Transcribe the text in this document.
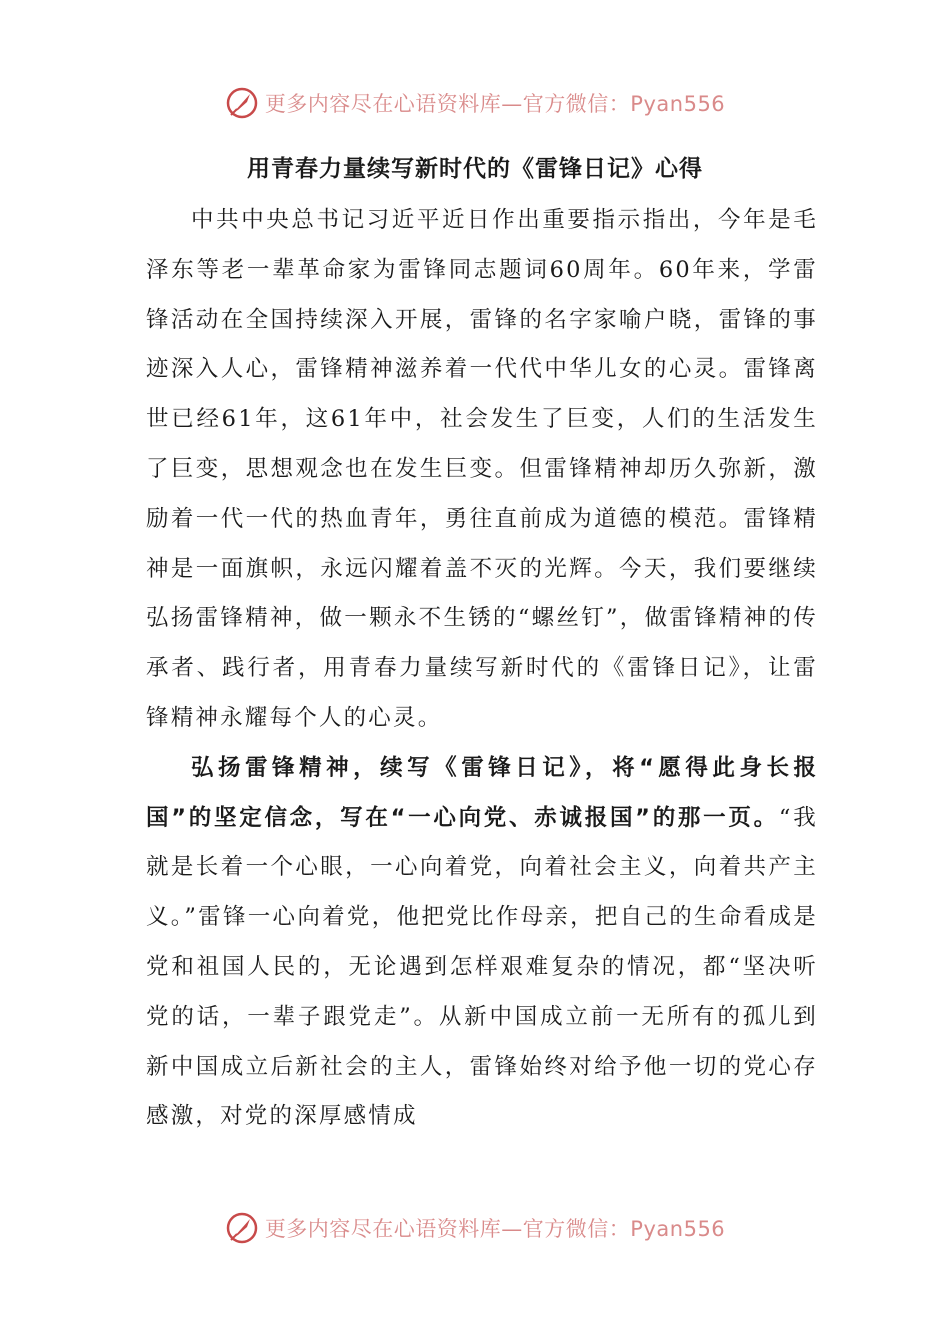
更多内容尽在心语资料库—官方微信：Pyan556
用青春力量续写新时代的《雷锋日记》心得

中共中央总书记习近平近日作出重要指示指出，今年是毛泽东等老一辈革命家为雷锋同志题词60周年。60年来，学雷锋活动在全国持续深入开展，雷锋的名字家喻户晓，雷锋的事迹深入人心，雷锋精神滋养着一代代中华儿女的心灵。雷锋离世已经61年，这61年中，社会发生了巨变，人们的生活发生了巨变，思想观念也在发生巨变。但雷锋精神却历久弥新，激励着一代一代的热血青年，勇往直前成为道德的模范。雷锋精神是一面旗帜，永远闪耀着盖不灭的光辉。今天，我们要继续弘扬雷锋精神，做一颗永不生锈的“螺丝钉”，做雷锋精神的传承者、践行者，用青春力量续写新时代的《雷锋日记》，让雷锋精神永耀每个人的心灵。

弘扬雷锋精神，续写《雷锋日记》，将“愿得此身长报国”的坚定信念，写在“一心向党、赤诚报国”的那一页。“我就是长着一个心眼，一心向着党，向着社会主义，向着共产主义。”雷锋一心向着党，他把党比作母亲，把自己的生命看成是党和祖国人民的，无论遇到怎样艰难复杂的情况，都“坚决听党的话，一辈子跟党走”。从新中国成立前一无所有的孤儿到新中国成立后新社会的主人，雷锋始终对给予他一切的党心存感激，对党的深厚感情成

更多内容尽在心语资料库—官方微信：Pyan556
